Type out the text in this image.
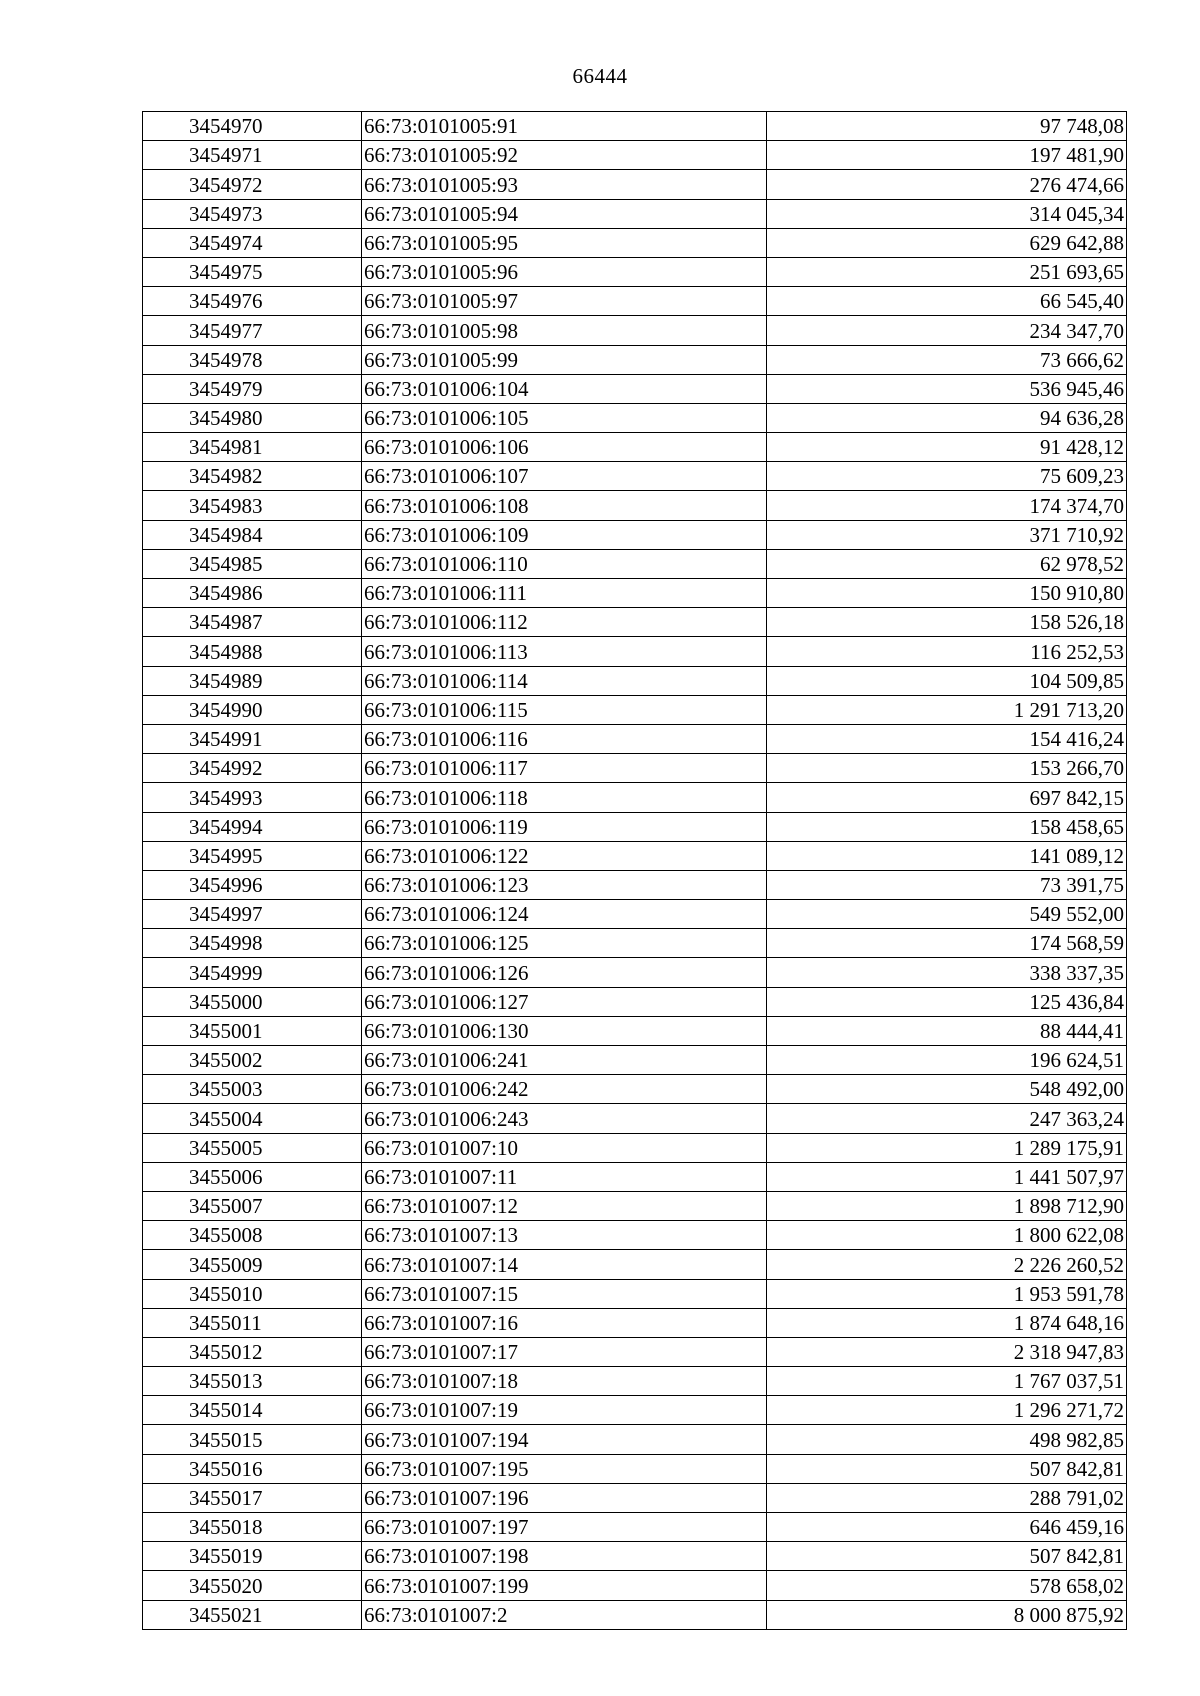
66444
3454970	66:73:0101005:91	97 748,08
3454971	66:73:0101005:92	197 481,90
3454972	66:73:0101005:93	276 474,66
3454973	66:73:0101005:94	314 045,34
3454974	66:73:0101005:95	629 642,88
3454975	66:73:0101005:96	251 693,65
3454976	66:73:0101005:97	66 545,40
3454977	66:73:0101005:98	234 347,70
3454978	66:73:0101005:99	73 666,62
3454979	66:73:0101006:104	536 945,46
3454980	66:73:0101006:105	94 636,28
3454981	66:73:0101006:106	91 428,12
3454982	66:73:0101006:107	75 609,23
3454983	66:73:0101006:108	174 374,70
3454984	66:73:0101006:109	371 710,92
3454985	66:73:0101006:110	62 978,52
3454986	66:73:0101006:111	150 910,80
3454987	66:73:0101006:112	158 526,18
3454988	66:73:0101006:113	116 252,53
3454989	66:73:0101006:114	104 509,85
3454990	66:73:0101006:115	1 291 713,20
3454991	66:73:0101006:116	154 416,24
3454992	66:73:0101006:117	153 266,70
3454993	66:73:0101006:118	697 842,15
3454994	66:73:0101006:119	158 458,65
3454995	66:73:0101006:122	141 089,12
3454996	66:73:0101006:123	73 391,75
3454997	66:73:0101006:124	549 552,00
3454998	66:73:0101006:125	174 568,59
3454999	66:73:0101006:126	338 337,35
3455000	66:73:0101006:127	125 436,84
3455001	66:73:0101006:130	88 444,41
3455002	66:73:0101006:241	196 624,51
3455003	66:73:0101006:242	548 492,00
3455004	66:73:0101006:243	247 363,24
3455005	66:73:0101007:10	1 289 175,91
3455006	66:73:0101007:11	1 441 507,97
3455007	66:73:0101007:12	1 898 712,90
3455008	66:73:0101007:13	1 800 622,08
3455009	66:73:0101007:14	2 226 260,52
3455010	66:73:0101007:15	1 953 591,78
3455011	66:73:0101007:16	1 874 648,16
3455012	66:73:0101007:17	2 318 947,83
3455013	66:73:0101007:18	1 767 037,51
3455014	66:73:0101007:19	1 296 271,72
3455015	66:73:0101007:194	498 982,85
3455016	66:73:0101007:195	507 842,81
3455017	66:73:0101007:196	288 791,02
3455018	66:73:0101007:197	646 459,16
3455019	66:73:0101007:198	507 842,81
3455020	66:73:0101007:199	578 658,02
3455021	66:73:0101007:2	8 000 875,92
